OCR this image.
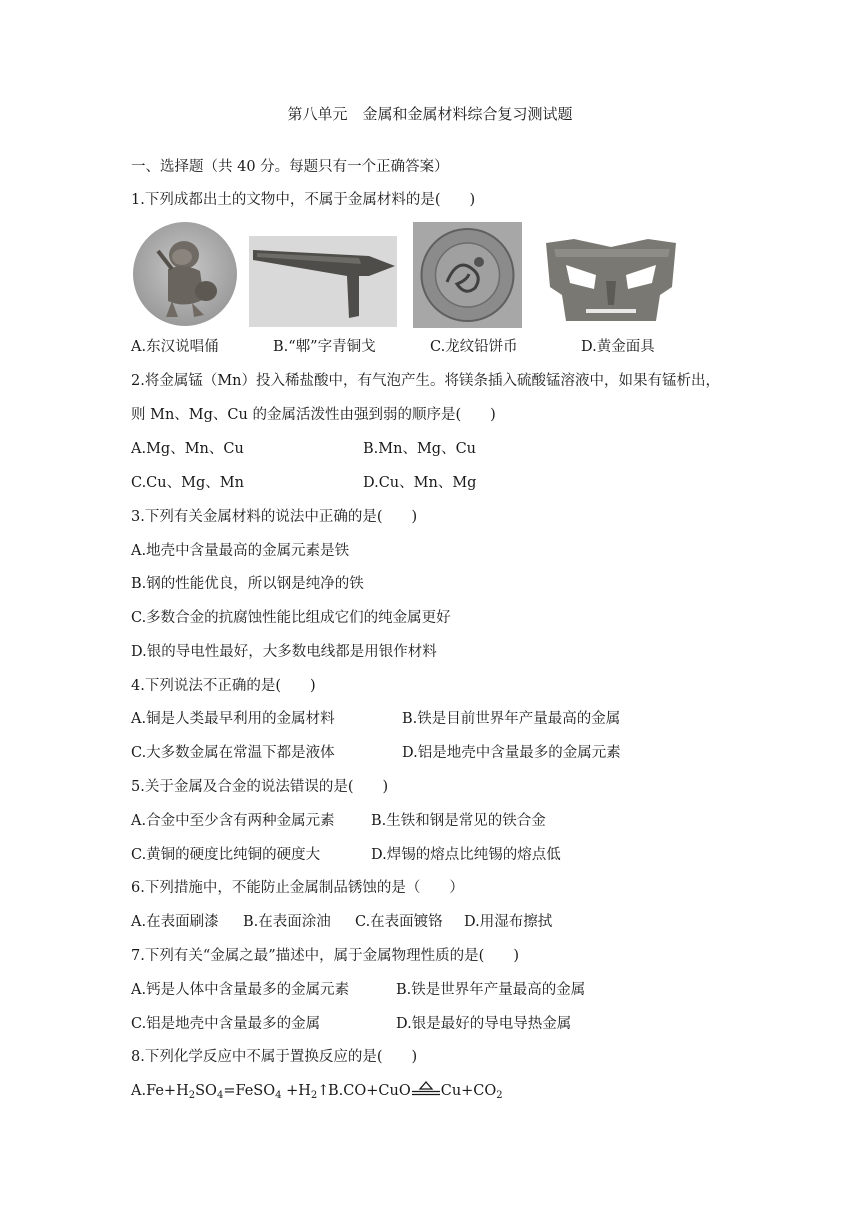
第八单元　金属和金属材料综合复习测试题
一、选择题（共 40 分。每题只有一个正确答案）
1.下列成都出土的文物中，不属于金属材料的是(　　)
A.东汉说唱俑	B.“郫”字青铜戈	C.龙纹铅饼币	D.黄金面具
2.将金属锰（Mn）投入稀盐酸中，有气泡产生。将镁条插入硫酸锰溶液中，如果有锰析出，
则 Mn、Mg、Cu 的金属活泼性由强到弱的顺序是(　　)
A.Mg、Mn、Cu	B.Mn、Mg、Cu
C.Cu、Mg、Mn	D.Cu、Mn、Mg
3.下列有关金属材料的说法中正确的是(　　)
A.地壳中含量最高的金属元素是铁
B.钢的性能优良，所以钢是纯净的铁
C.多数合金的抗腐蚀性能比组成它们的纯金属更好
D.银的导电性最好，大多数电线都是用银作材料
4.下列说法不正确的是(　　)
A.铜是人类最早利用的金属材料	B.铁是目前世界年产量最高的金属
C.大多数金属在常温下都是液体	D.铝是地壳中含量最多的金属元素
5.关于金属及合金的说法错误的是(　　)
A.合金中至少含有两种金属元素	B.生铁和钢是常见的铁合金
C.黄铜的硬度比纯铜的硬度大	D.焊锡的熔点比纯锡的熔点低
6.下列措施中，不能防止金属制品锈蚀的是（　　）
A.在表面刷漆 B.在表面涂油 C.在表面镀铬 D.用湿布擦拭
7.下列有关“金属之最”描述中，属于金属物理性质的是(　　)
A.钙是人体中含量最多的金属元素	B.铁是世界年产量最高的金属
C.铝是地壳中含量最多的金属	D.银是最好的导电导热金属
8.下列化学反应中不属于置换反应的是(　　)
$A.Fe+H_2SO_4=FeSO_4$ $+H_2↑$
B.CO+CuO $Cu+CO_2$
